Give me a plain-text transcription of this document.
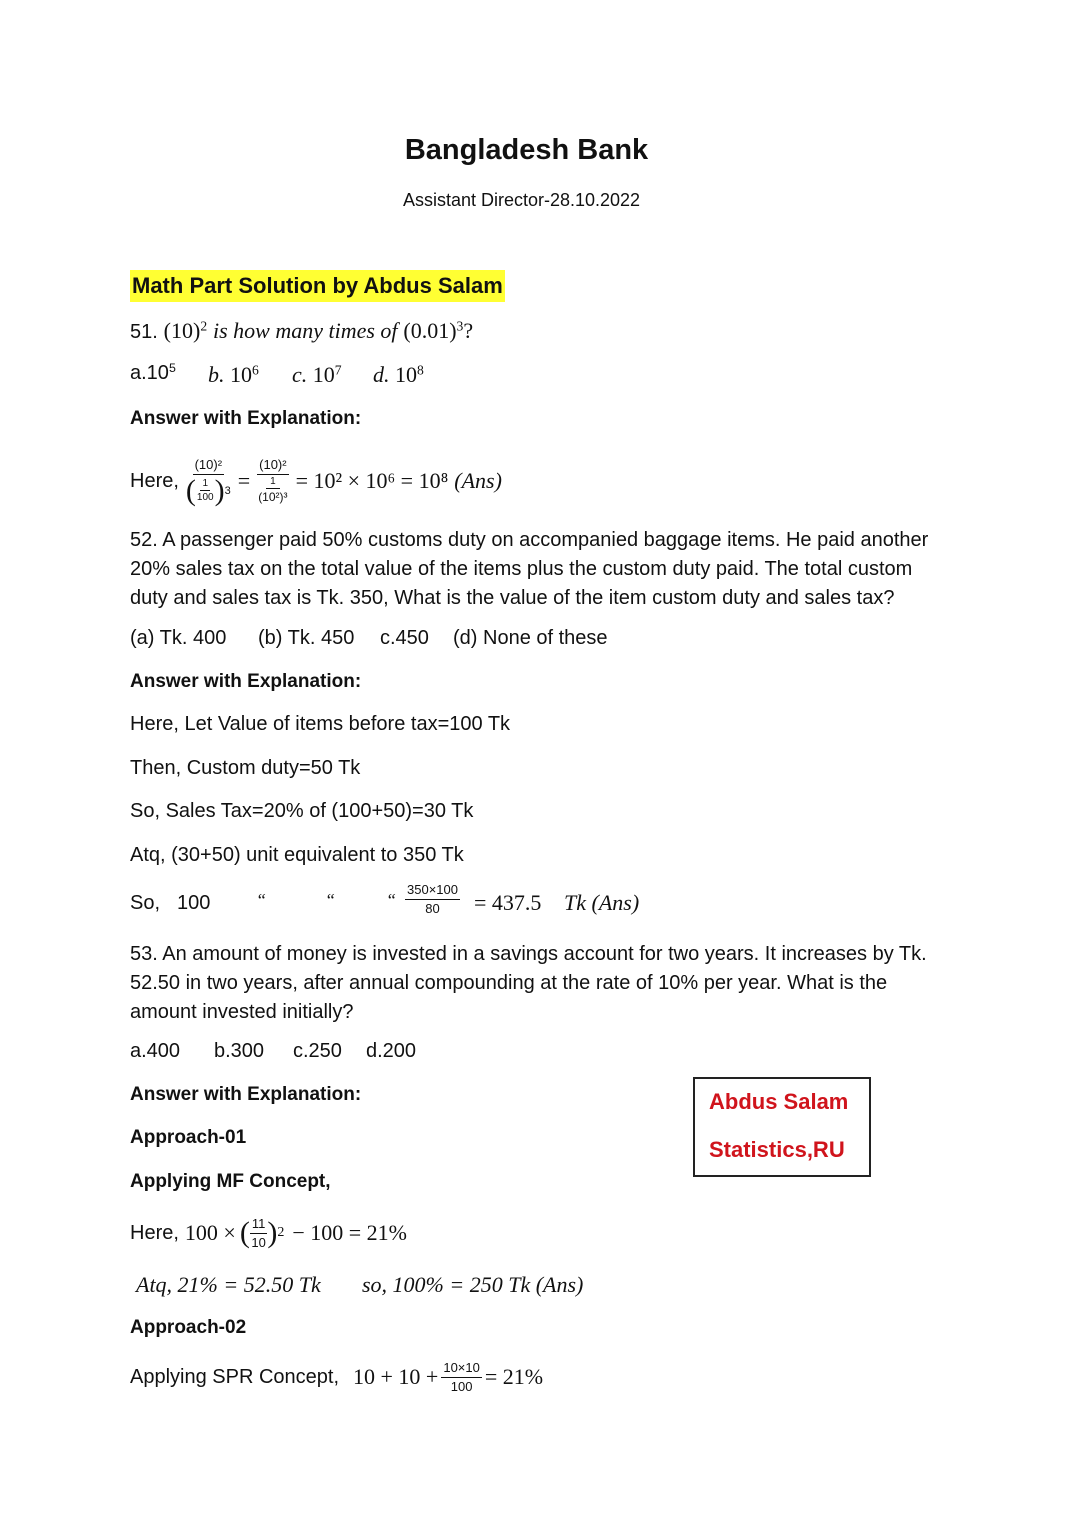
Bangladesh Bank
Assistant Director-28.10.2022
Math Part Solution by Abdus Salam
51. $(10)^2$ is how many times of $(0.01)^3$?
$a.10^5$ b. $10^6$ c. $10^7$ d. $10^8$
Answer with Explanation:
Here, $\frac{\text{(10)²}}{( \frac{1}{100} ) 3} = (10)^2$
1
(10²)³ = 10² × 10⁶ = 10⁸ (Ans)
52. A passenger paid 50% customs duty on accompanied baggage items. He paid another
20% sales tax on the total value of the items plus the custom duty paid. The total custom
duty and sales tax is Tk. 350, What is the value of the item custom duty and sales tax?
(a) Tk. 400 (b) Tk. 450 c.450 (d) None of these
Answer with Explanation:
Here, Let Value of items before tax=100 Tk
Then, Custom duty=50 Tk
So, Sales Tax=20% of (100+50)=30 Tk
Atq, (30+50) unit equivalent to 350 Tk
So, 100	“	“	“ $\frac{350\times 100}{80} = 437.5$ Tk (Ans)
53. An amount of money is invested in a savings account for two years. It increases by Tk.
52.50 in two years, after annual compounding at the rate of 10% per year. What is the
amount invested initially?
a.400 b.300 c.250 d.200
Answer with Explanation:
Approach-01
Applying MF Concept,
Here, 100 × ( $\frac{11}{10}$ ) 2 − 100 = 21%
Atq, 21% = 52.50 Tk so, 100% = 250 Tk (Ans)
Approach-02
Applying SPR Concept, $10 + 10 + \frac{10\times 10}{100} = 21\%$
Abdus Salam
Statistics,RU
